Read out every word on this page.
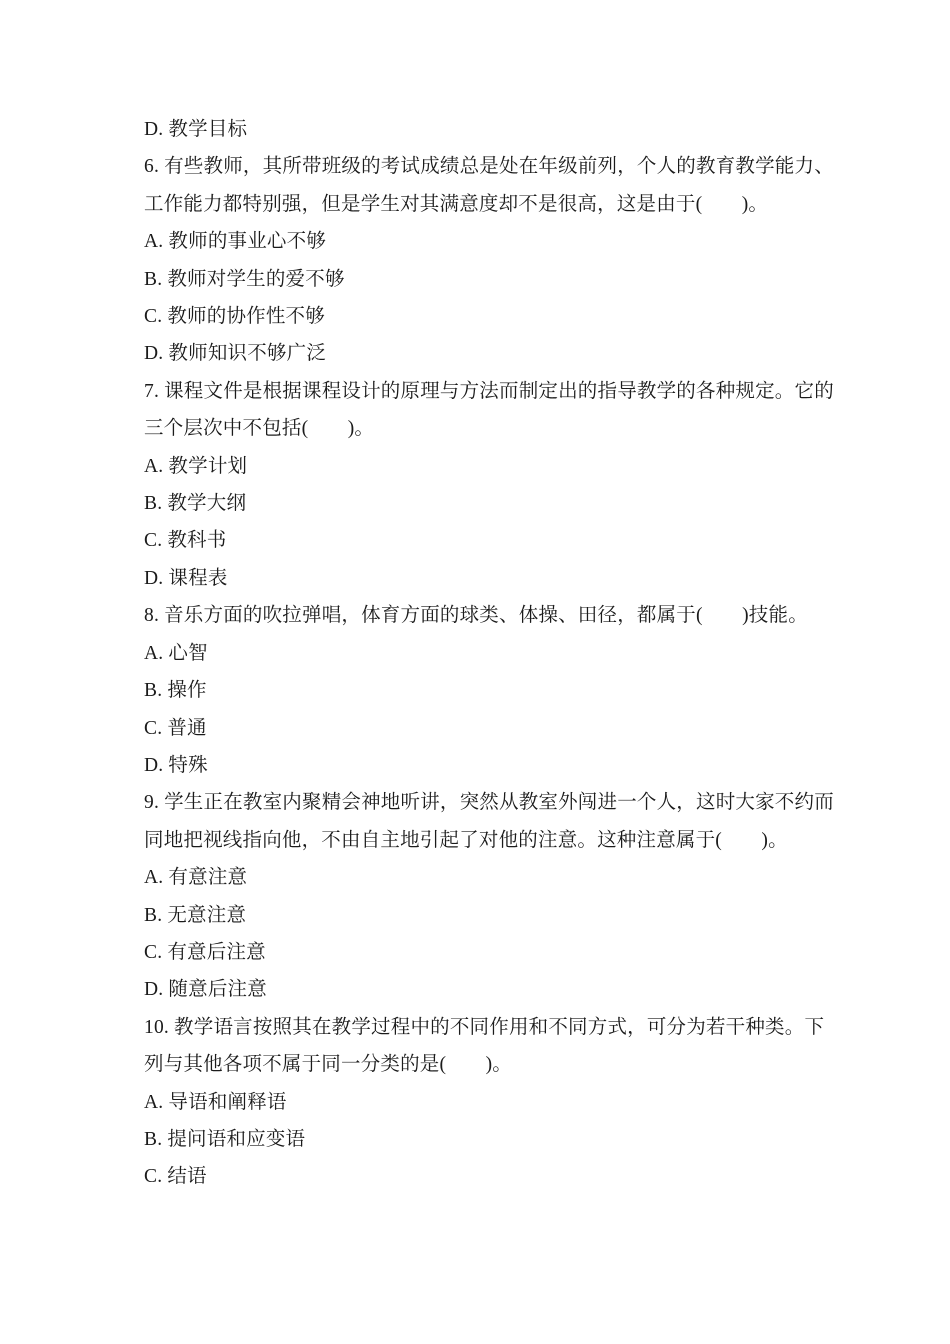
D. 教学目标
6. 有些教师，其所带班级的考试成绩总是处在年级前列，个人的教育教学能力、
工作能力都特别强，但是学生对其满意度却不是很高，这是由于(　　)。
A. 教师的事业心不够
B. 教师对学生的爱不够
C. 教师的协作性不够
D. 教师知识不够广泛
7. 课程文件是根据课程设计的原理与方法而制定出的指导教学的各种规定。它的
三个层次中不包括(　　)。
A. 教学计划
B. 教学大纲
C. 教科书
D. 课程表
8. 音乐方面的吹拉弹唱，体育方面的球类、体操、田径，都属于(　　)技能。
A. 心智
B. 操作
C. 普通
D. 特殊
9. 学生正在教室内聚精会神地听讲，突然从教室外闯进一个人，这时大家不约而
同地把视线指向他，不由自主地引起了对他的注意。这种注意属于(　　)。
A. 有意注意
B. 无意注意
C. 有意后注意
D. 随意后注意
10. 教学语言按照其在教学过程中的不同作用和不同方式，可分为若干种类。下
列与其他各项不属于同一分类的是(　　)。
A. 导语和阐释语
B. 提问语和应变语
C. 结语
